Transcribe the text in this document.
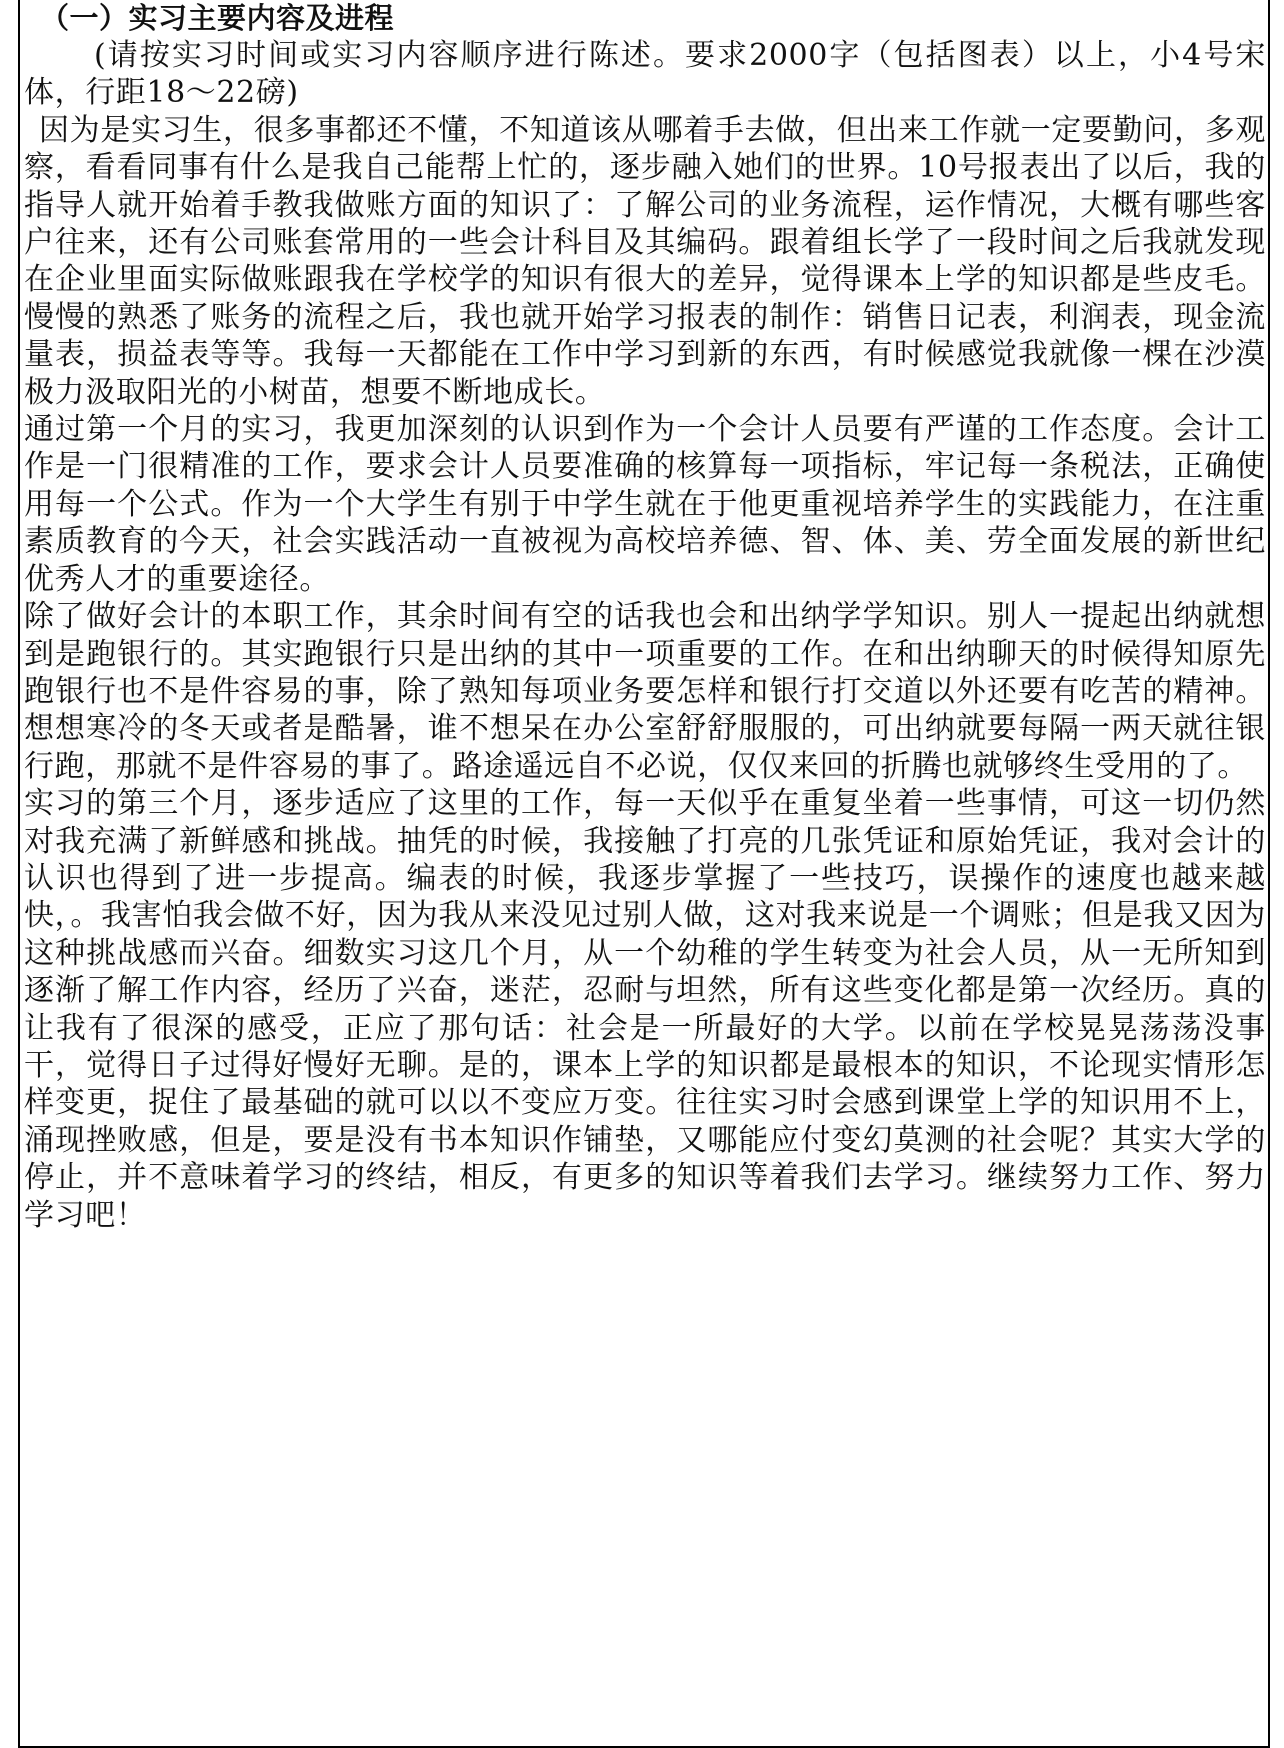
（一）实习主要内容及进程

(请按实习时间或实习内容顺序进行陈述。要求2000字（包括图表）以上，小4号宋体，行距18～22磅)

因为是实习生，很多事都还不懂，不知道该从哪着手去做，但出来工作就一定要勤问，多观察，看看同事有什么是我自己能帮上忙的，逐步融入她们的世界。10号报表出了以后，我的指导人就开始着手教我做账方面的知识了：了解公司的业务流程，运作情况，大概有哪些客户往来，还有公司账套常用的一些会计科目及其编码。跟着组长学了一段时间之后我就发现在企业里面实际做账跟我在学校学的知识有很大的差异，觉得课本上学的知识都是些皮毛。慢慢的熟悉了账务的流程之后，我也就开始学习报表的制作：销售日记表，利润表，现金流量表，损益表等等。我每一天都能在工作中学习到新的东西，有时候感觉我就像一棵在沙漠极力汲取阳光的小树苗，想要不断地成长。

通过第一个月的实习，我更加深刻的认识到作为一个会计人员要有严谨的工作态度。会计工作是一门很精准的工作，要求会计人员要准确的核算每一项指标，牢记每一条税法，正确使用每一个公式。作为一个大学生有别于中学生就在于他更重视培养学生的实践能力，在注重素质教育的今天，社会实践活动一直被视为高校培养德、智、体、美、劳全面发展的新世纪优秀人才的重要途径。

除了做好会计的本职工作，其余时间有空的话我也会和出纳学学知识。别人一提起出纳就想到是跑银行的。其实跑银行只是出纳的其中一项重要的工作。在和出纳聊天的时候得知原先跑银行也不是件容易的事，除了熟知每项业务要怎样和银行打交道以外还要有吃苦的精神。想想寒冷的冬天或者是酷暑，谁不想呆在办公室舒舒服服的，可出纳就要每隔一两天就往银行跑，那就不是件容易的事了。路途遥远自不必说，仅仅来回的折腾也就够终生受用的了。

实习的第三个月，逐步适应了这里的工作，每一天似乎在重复坐着一些事情，可这一切仍然对我充满了新鲜感和挑战。抽凭的时候，我接触了打亮的几张凭证和原始凭证，我对会计的认识也得到了进一步提高。编表的时候，我逐步掌握了一些技巧，误操作的速度也越来越快，。我害怕我会做不好，因为我从来没见过别人做，这对我来说是一个调账；但是我又因为这种挑战感而兴奋。细数实习这几个月，从一个幼稚的学生转变为社会人员，从一无所知到逐渐了解工作内容，经历了兴奋，迷茫，忍耐与坦然，所有这些变化都是第一次经历。真的让我有了很深的感受，正应了那句话：社会是一所最好的大学。以前在学校晃晃荡荡没事干，觉得日子过得好慢好无聊。是的，课本上学的知识都是最根本的知识，不论现实情形怎样变更，捉住了最基础的就可以以不变应万变。往往实习时会感到课堂上学的知识用不上，涌现挫败感，但是，要是没有书本知识作铺垫，又哪能应付变幻莫测的社会呢？其实大学的停止，并不意味着学习的终结，相反，有更多的知识等着我们去学习。继续努力工作、努力学习吧！
